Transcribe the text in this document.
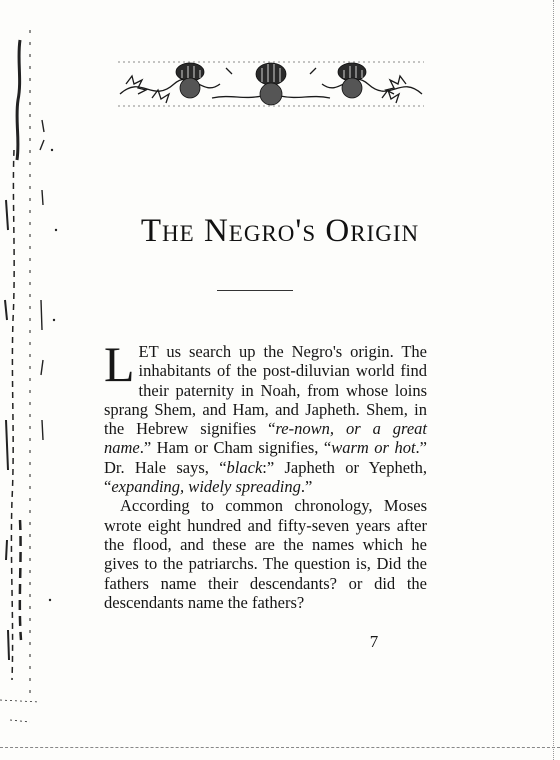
The Negro's Origin

LET us search up the Negro's origin. The inhabitants of the post-diluvian world find their paternity in Noah, from whose loins sprang Shem, and Ham, and Japheth. Shem, in the Hebrew signifies “re-nown, or a great name.” Ham or Cham signifies, “warm or hot.” Dr. Hale says, “black:” Japheth or Yepheth, “expanding, widely spreading.”

According to common chronology, Moses wrote eight hundred and fifty-seven years after the flood, and these are the names which he gives to the patriarchs. The question is, Did the fathers name their descendants? or did the descendants name the fathers?

7
